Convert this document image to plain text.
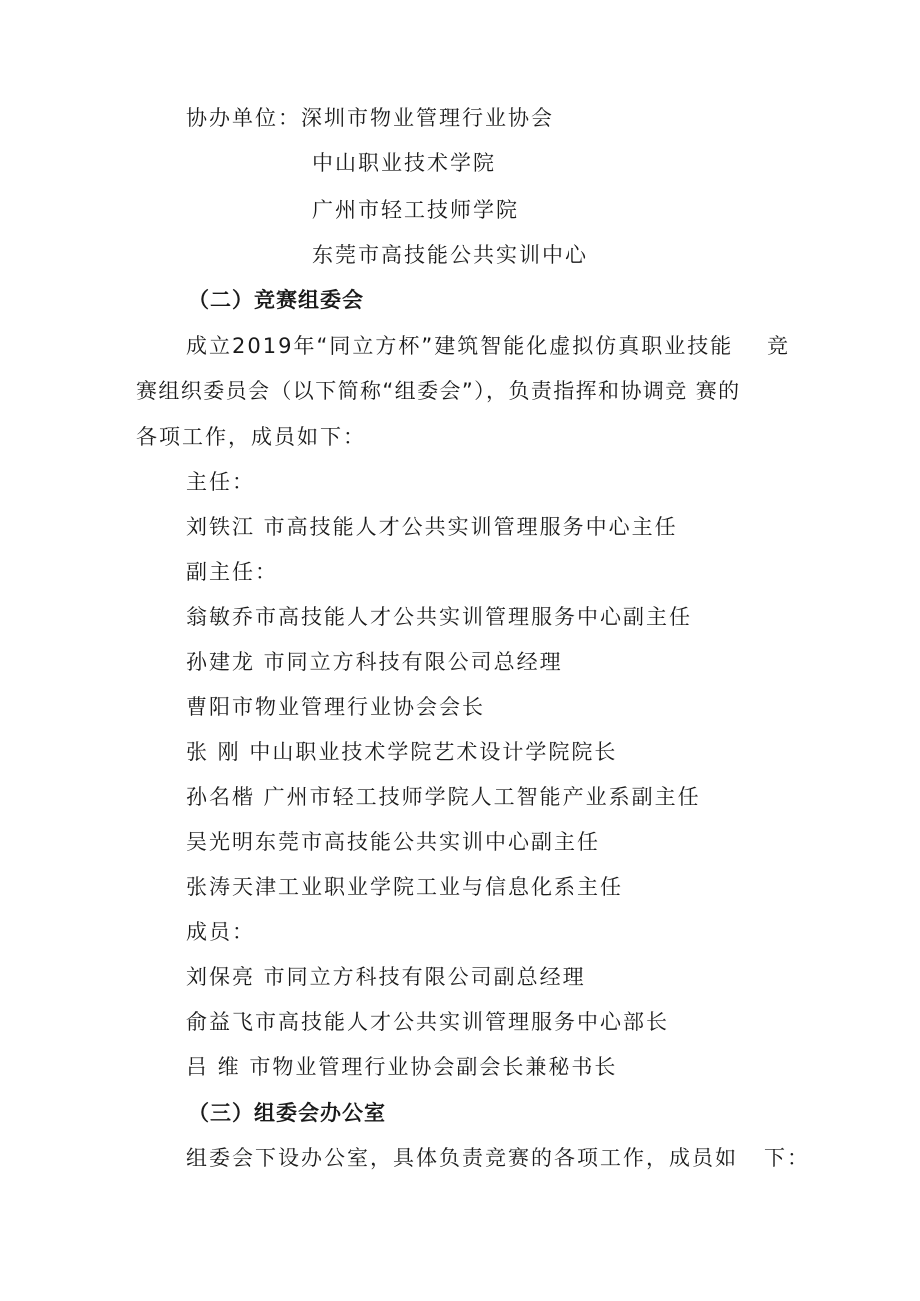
协办单位：深圳市物业管理行业协会
中山职业技术学院
广州市轻工技师学院
东莞市高技能公共实训中心
（二）竞赛组委会
成立2019年“同立方杯”建筑智能化虚拟仿真职业技能 竞
赛组织委员会（以下简称“组委会”），负责指挥和协调竞 赛的
各项工作，成员如下：
主任：
刘铁江 市高技能人才公共实训管理服务中心主任
副主任：
翁敏乔市高技能人才公共实训管理服务中心副主任
孙建龙 市同立方科技有限公司总经理
曹阳市物业管理行业协会会长
张 刚 中山职业技术学院艺术设计学院院长
孙名楷 广州市轻工技师学院人工智能产业系副主任
吴光明东莞市高技能公共实训中心副主任
张涛天津工业职业学院工业与信息化系主任
成员：
刘保亮 市同立方科技有限公司副总经理
俞益飞市高技能人才公共实训管理服务中心部长
吕 维 市物业管理行业协会副会长兼秘书长
（三）组委会办公室
组委会下设办公室，具体负责竞赛的各项工作，成员如 下：
